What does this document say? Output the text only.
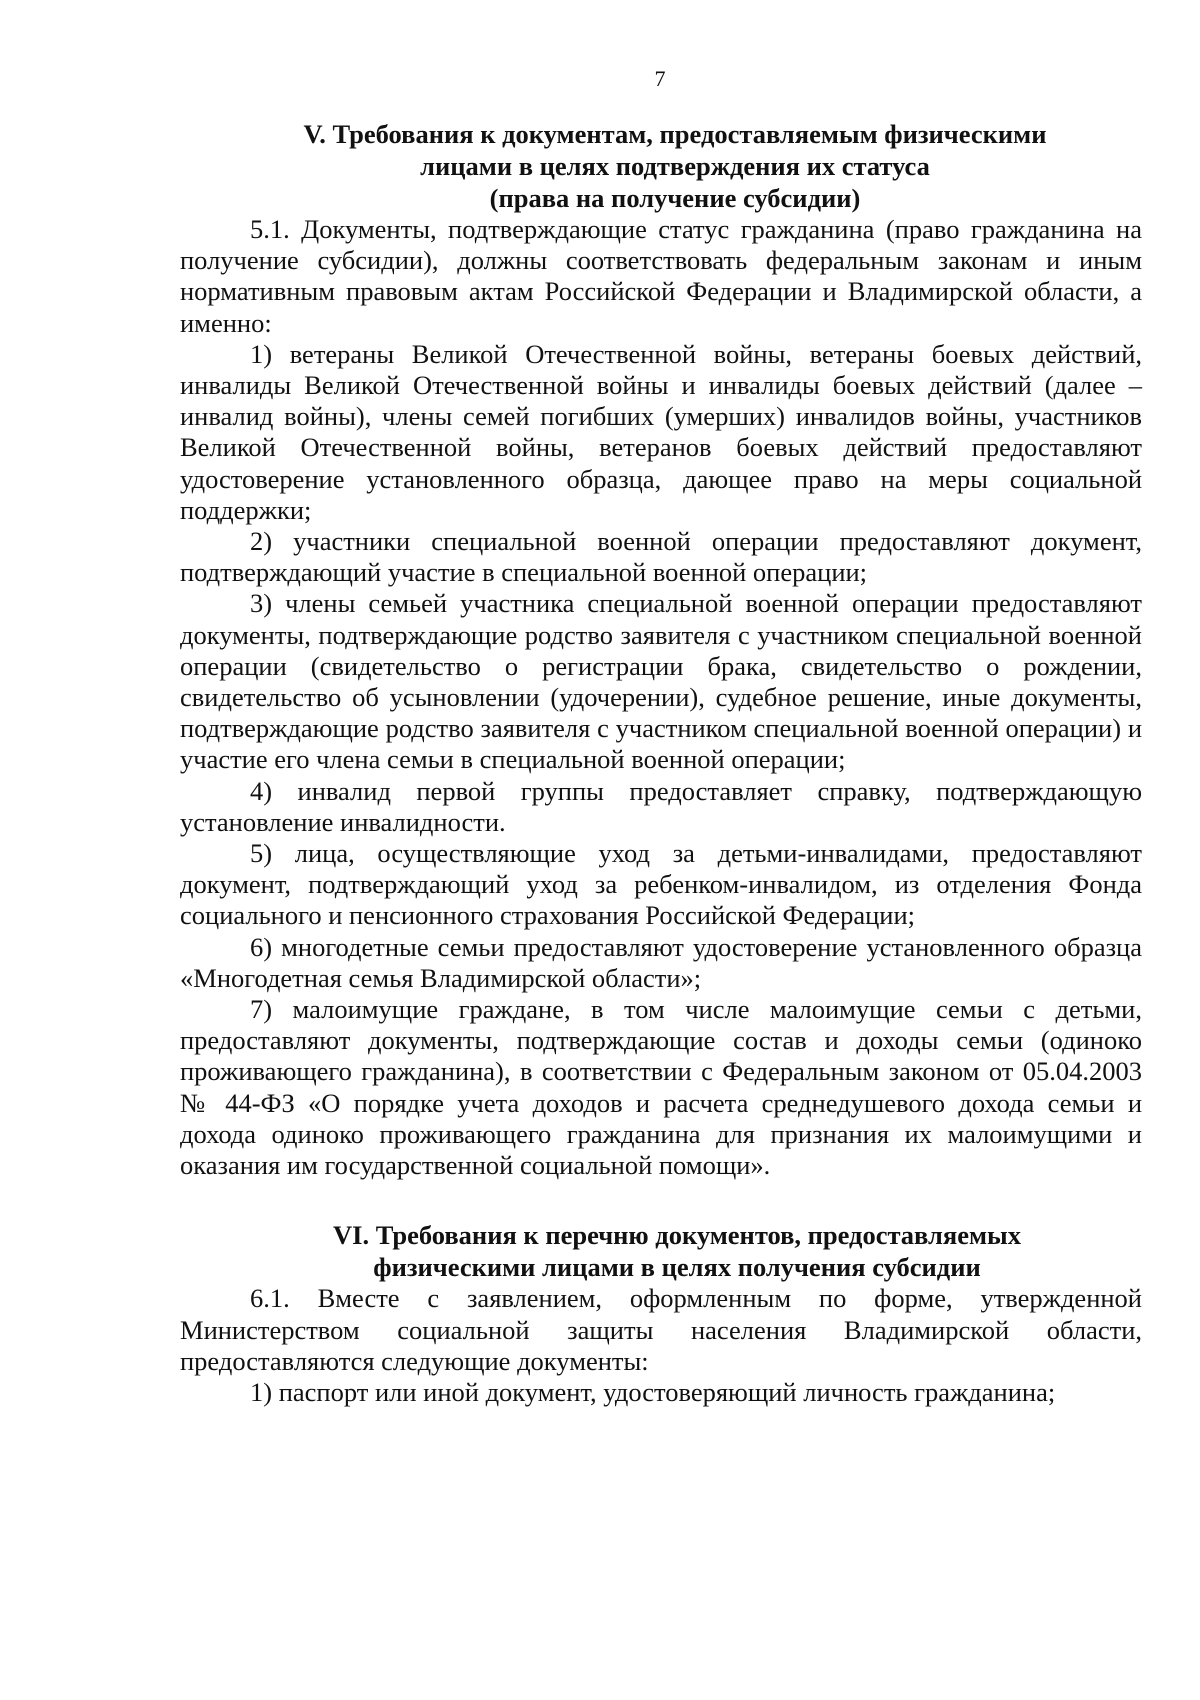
7
V. Требования к документам, предоставляемым физическими
лицами в целях подтверждения их статуса
(права на получение субсидии)

5.1. Документы, подтверждающие статус гражданина (право гражданина на получение субсидии), должны соответствовать федеральным законам и иным нормативным правовым актам Российской Федерации и Владимирской области, а именно:

1) ветераны Великой Отечественной войны, ветераны боевых действий, инвалиды Великой Отечественной войны и инвалиды боевых действий (далее – инвалид войны), члены семей погибших (умерших) инвалидов войны, участников Великой Отечественной войны, ветеранов боевых действий предоставляют удостоверение установленного образца, дающее право на меры социальной поддержки;

2) участники специальной военной операции предоставляют документ, подтверждающий участие в специальной военной операции;

3) члены семьей участника специальной военной операции предоставляют документы, подтверждающие родство заявителя с участником специальной военной операции (свидетельство о регистрации брака, свидетельство о рождении, свидетельство об усыновлении (удочерении), судебное решение, иные документы, подтверждающие родство заявителя с участником специальной военной операции) и участие его члена семьи в специальной военной операции;

4) инвалид первой группы предоставляет справку, подтверждающую установление инвалидности.

5) лица, осуществляющие уход за детьми-инвалидами, предоставляют документ, подтверждающий уход за ребенком-инвалидом, из отделения Фонда социального и пенсионного страхования Российской Федерации;

6) многодетные семьи предоставляют удостоверение установленного образца «Многодетная семья Владимирской области»;

7) малоимущие граждане, в том числе малоимущие семьи с детьми, предоставляют документы, подтверждающие состав и доходы семьи (одиноко проживающего гражданина), в соответствии с Федеральным законом от 05.04.2003 № 44-ФЗ «О порядке учета доходов и расчета среднедушевого дохода семьи и дохода одиноко проживающего гражданина для признания их малоимущими и оказания им государственной социальной помощи».

VI. Требования к перечню документов, предоставляемых
физическими лицами в целях получения субсидии

6.1. Вместе с заявлением, оформленным по форме, утвержденной Министерством социальной защиты населения Владимирской области, предоставляются следующие документы:

1) паспорт или иной документ, удостоверяющий личность гражданина;
